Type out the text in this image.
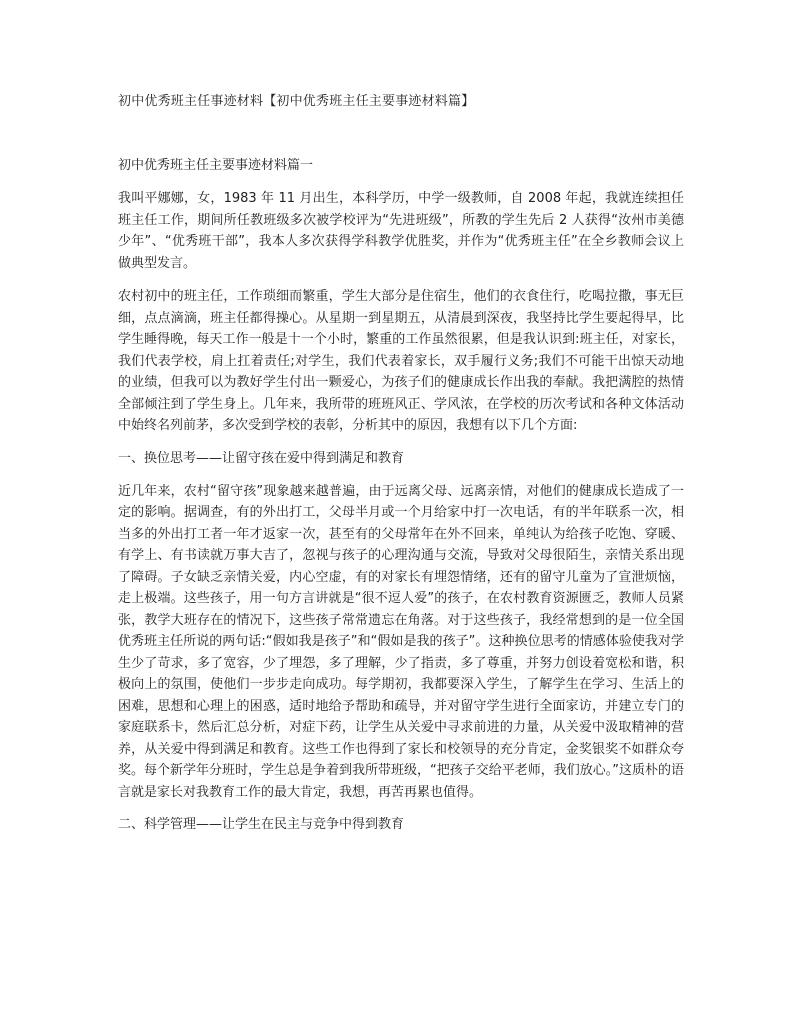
初中优秀班主任事迹材料【初中优秀班主任主要事迹材料篇】
初中优秀班主任主要事迹材料篇一

我叫平娜娜，女，1983 年 11 月出生，本科学历，中学一级教师，自 2008 年起，我就连续担任班主任工作，期间所任教班级多次被学校评为“先进班级”，所教的学生先后 2 人获得“汝州市美德少年”、“优秀班干部”，我本人多次获得学科教学优胜奖，并作为“优秀班主任”在全乡教师会议上做典型发言。

农村初中的班主任，工作琐细而繁重，学生大部分是住宿生，他们的衣食住行，吃喝拉撒，事无巨细，点点滴滴，班主任都得操心。从星期一到星期五，从清晨到深夜，我坚持比学生要起得早，比学生睡得晚，每天工作一般是十一个小时，繁重的工作虽然很累，但是我认识到:班主任，对家长，我们代表学校，肩上扛着责任;对学生，我们代表着家长，双手履行义务;我们不可能干出惊天动地的业绩，但我可以为教好学生付出一颗爱心，为孩子们的健康成长作出我的奉献。我把满腔的热情全部倾注到了学生身上。几年来，我所带的班班风正、学风浓，在学校的历次考试和各种文体活动中始终名列前茅，多次受到学校的表彰，分析其中的原因，我想有以下几个方面:

一、换位思考——让留守孩在爱中得到满足和教育

近几年来，农村“留守孩”现象越来越普遍，由于远离父母、远离亲情，对他们的健康成长造成了一定的影响。据调查，有的外出打工，父母半月或一个月给家中打一次电话，有的半年联系一次，相当多的外出打工者一年才返家一次，甚至有的父母常年在外不回来，单纯认为给孩子吃饱、穿暖、有学上、有书读就万事大吉了，忽视与孩子的心理沟通与交流，导致对父母很陌生，亲情关系出现了障碍。子女缺乏亲情关爱，内心空虚，有的对家长有埋怨情绪，还有的留守儿童为了宣泄烦恼，走上极端。这些孩子，用一句方言讲就是“很不逗人爱”的孩子，在农村教育资源匮乏，教师人员紧张，教学大班存在的情况下，这些孩子常常遗忘在角落。对于这些孩子，我经常想到的是一位全国优秀班主任所说的两句话:“假如我是孩子”和“假如是我的孩子”。这种换位思考的情感体验使我对学生少了苛求，多了宽容，少了埋怨，多了理解，少了指责，多了尊重，并努力创设着宽松和谐，积极向上的氛围，使他们一步步走向成功。每学期初，我都要深入学生，了解学生在学习、生活上的困难，思想和心理上的困惑，适时地给予帮助和疏导，并对留守学生进行全面家访，并建立专门的家庭联系卡，然后汇总分析，对症下药，让学生从关爱中寻求前进的力量，从关爱中汲取精神的营养，从关爱中得到满足和教育。这些工作也得到了家长和校领导的充分肯定，金奖银奖不如群众夸奖。每个新学年分班时，学生总是争着到我所带班级，“把孩子交给平老师，我们放心。”这质朴的语言就是家长对我教育工作的最大肯定，我想，再苦再累也值得。

二、科学管理——让学生在民主与竞争中得到教育
